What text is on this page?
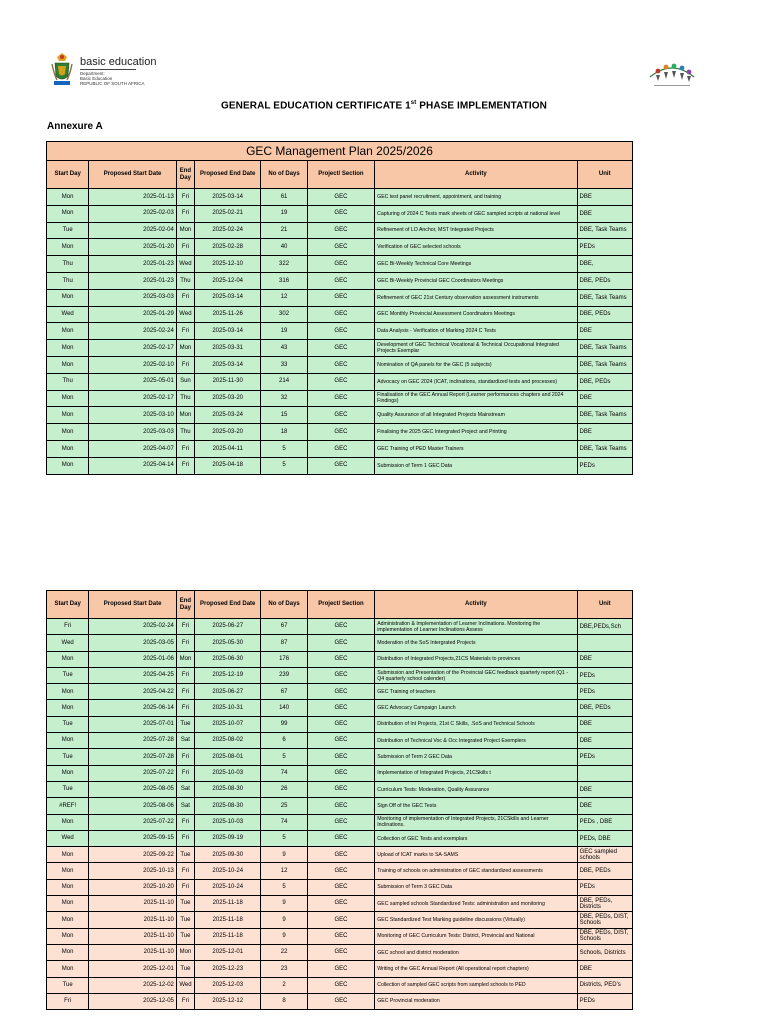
basic education
Department:
Basic Education
REPUBLIC OF SOUTH AFRICA
GENERAL EDUCATION CERTIFICATE 1st PHASE IMPLEMENTATION
Annexure A
GEC Management Plan 2025/2026							
Start Day	Proposed Start Date	End Day	Proposed End Date	No of Days	Project/ Section	Activity	Unit
Mon	2025-01-13	Fri	2025-03-14	61	GEC	GEC test panel recruitment, appointment, and training	DBE
Mon	2025-02-03	Fri	2025-02-21	19	GEC	Capturing of 2024 C Tests mark sheets of GEC sampled scripts at national level	DBE
Tue	2025-02-04	Mon	2025-02-24	21	GEC	Refinement of LO Anchor, MST Integrated Projects	DBE, Task Teams
Mon	2025-01-20	Fri	2025-02-28	40	GEC	Verification of GEC selected schools	PEDs
Thu	2025-01-23	Wed	2025-12-10	322	GEC	GEC Bi-Weekly Technical Core Meetings	DBE,
Thu	2025-01-23	Thu	2025-12-04	316	GEC	GEC Bi-Weekly Provincial GEC Coordinators Meetings	DBE, PEDs
Mon	2025-03-03	Fri	2025-03-14	12	GEC	Refinement of GEC 21st Century observation assessment instruments	DBE, Task Teams
Wed	2025-01-29	Wed	2025-11-26	302	GEC	GEC Monthly Provincial Assessment Coordinators Meetings	DBE, PEDs
Mon	2025-02-24	Fri	2025-03-14	19	GEC	Data Analysis - Verification of Marking 2024 C Tests	DBE
Mon	2025-02-17	Mon	2025-03-31	43	GEC	Development of GEC Technical Vocational & Technical Occupational Integrated Projects Exemplar	DBE, Task Teams
Mon	2025-02-10	Fri	2025-03-14	33	GEC	Nomination of QA panels for the GEC (5 subjects)	DBE, Task Teams
Thu	2025-05-01	Sun	2025-11-30	214	GEC	Advocacy on GEC 2024 (ICAT, inclinations, standardized tests and processes)	DBE, PEDs
Mon	2025-02-17	Thu	2025-03-20	32	GEC	Finalisation of the GEC Annual Report (Learner performances chapters and 2024 Findings)	DBE
Mon	2025-03-10	Mon	2025-03-24	15	GEC	Quality Assurance of all Integrated Projects Mainstream	DBE, Task Teams
Mon	2025-03-03	Thu	2025-03-20	18	GEC	Finalising the 2025 GEC Intergrated Project and Printing	DBE
Mon	2025-04-07	Fri	2025-04-11	5	GEC	GEC Training of PED Master Trainers	DBE, Task Teams
Mon	2025-04-14	Fri	2025-04-18	5	GEC	Submission of Term 1 GEC Data	PEDs
Start Day	Proposed Start Date	End Day	Proposed End Date	No of Days	Project/ Section	Activity	Unit
Fri	2025-02-24	Fri	2025-06-27	67	GEC	Administration & Implementation of Learner Inclinations. Monitoring the implementation of Learner Inclinations Assess	DBE,PEDs,Sch
Wed	2025-03-05	Fri	2025-05-30	87	GEC	Moderation of the SoS Intergrated Projects	
Mon	2025-01-06	Mon	2025-06-30	176	GEC	Distribution of Integrated Projects,21CS Materials to provinces	DBE
Tue	2025-04-25	Fri	2025-12-19	239	GEC	Submission and Presentation of the Provincial GEC feedback quarterly report (Q1 - Q4 quarterly school calender)	PEDs
Mon	2025-04-22	Fri	2025-06-27	67	GEC	GEC Training of teachers	PEDs
Mon	2025-06-14	Fri	2025-10-31	140	GEC	GEC Advocacy Campaign Launch	DBE, PEDs
Tue	2025-07-01	Tue	2025-10-07	99	GEC	Distribution of Int Projects, 21st C Skills, .SoS and Technical Schools	DBE
Mon	2025-07-28	Sat	2025-08-02	6	GEC	Distribution of Technical Voc & Occ Integrated Project Exemplers	DBE
Tue	2025-07-28	Fri	2025-08-01	5	GEC	Submission of Term 2 GEC Data	PEDs
Mon	2025-07-22	Fri	2025-10-03	74	GEC	Implementation of Integrated Projects, 21CSkills t	
Tue	2025-08-05	Sat	2025-08-30	26	GEC	Curriculum Tests: Moderation, Quality Assurance	DBE
#REF!	2025-08-06	Sat	2025-08-30	25	GEC	Sign Off of the GEC Tests	DBE
Mon	2025-07-22	Fri	2025-10-03	74	GEC	Monitoring of implementation of Integrated Projects, 21CSkills and Learner Inclinations.	PEDs , DBE
Wed	2025-09-15	Fri	2025-09-19	5	GEC	Collection of GEC Tests and exemplars	PEDs, DBE
Mon	2025-09-22	Tue	2025-09-30	9	GEC	Upload of ICAT marks to SA-SAMS	GEC sampled schools
Mon	2025-10-13	Fri	2025-10-24	12	GEC	Training of schools on administration of GEC standardized assessments	DBE, PEDs
Mon	2025-10-20	Fri	2025-10-24	5	GEC	Submission of Term 3 GEC Data	PEDs
Mon	2025-11-10	Tue	2025-11-18	9	GEC	GEC sampled schools Standardized Tests: administration and monitoring	DBE, PEDs, Districts
Mon	2025-11-10	Tue	2025-11-18	9	GEC	GEC Standardized Test Marking guideline discussions (Virtually)	DBE, PEDs, DIST, Schools
Mon	2025-11-10	Tue	2025-11-18	9	GEC	Monitoring of GEC Curriculum Tests: District, Provincial and National	DBE, PEDs, DIST, Schools
Mon	2025-11-10	Mon	2025-12-01	22	GEC	GEC school and district moderation	Schools, Districts
Mon	2025-12-01	Tue	2025-12-23	23	GEC	Writing of the GEC Annual Report (All operational report chapters)	DBE
Tue	2025-12-02	Wed	2025-12-03	2	GEC	Collection of sampled GEC scripts from sampled schools to PED	Districts, PED's
Fri	2025-12-05	Fri	2025-12-12	8	GEC	GEC Provincial moderation	PEDs
